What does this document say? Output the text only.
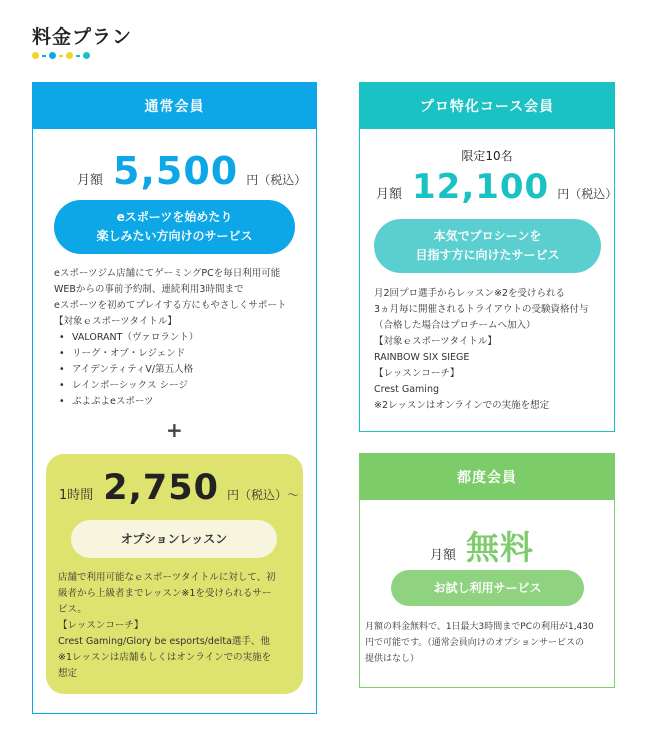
料金プラン
通常会員
月額 5,500 円（税込）
eスポーツを始めたり
楽しみたい方向けのサービス
eスポーツジム店舗にてゲーミングPCを毎日利用可能
WEBからの事前予約制、連続利用3時間まで
eスポーツを初めてプレイする方にもやさしくサポート
【対象ｅスポーツタイトル】
• VALORANT（ヴァロラント）
• リーグ・オブ・レジェンド
• アイデンティティV/第五人格
• レインボーシックス シージ
• ぷよぷよeスポーツ
+
1時間 2,750 円（税込）〜
オプションレッスン
店舗で利用可能なｅスポーツタイトルに対して、初
級者から上級者までレッスン※1を受けられるサー
ビス。
【レッスンコーチ】
Crest Gaming/Glory be esports/delta選手、他
※1レッスンは店舗もしくはオンラインでの実施を
想定
プロ特化コース会員
限定10名
月額 12,100 円（税込）
本気でプロシーンを
目指す方に向けたサービス
月2回プロ選手からレッスン※2を受けられる
3ヵ月毎に開催されるトライアウトの受験資格付与
（合格した場合はプロチームへ加入）
【対象ｅスポーツタイトル】
RAINBOW SIX SIEGE
【レッスンコーチ】
Crest Gaming
※2レッスンはオンラインでの実施を想定
都度会員
月額 無料
お試し利用サービス
月額の料金無料で、1日最大3時間までPCの利用が1,430
円で可能です。（通常会員向けのオプションサービスの
提供はなし）
